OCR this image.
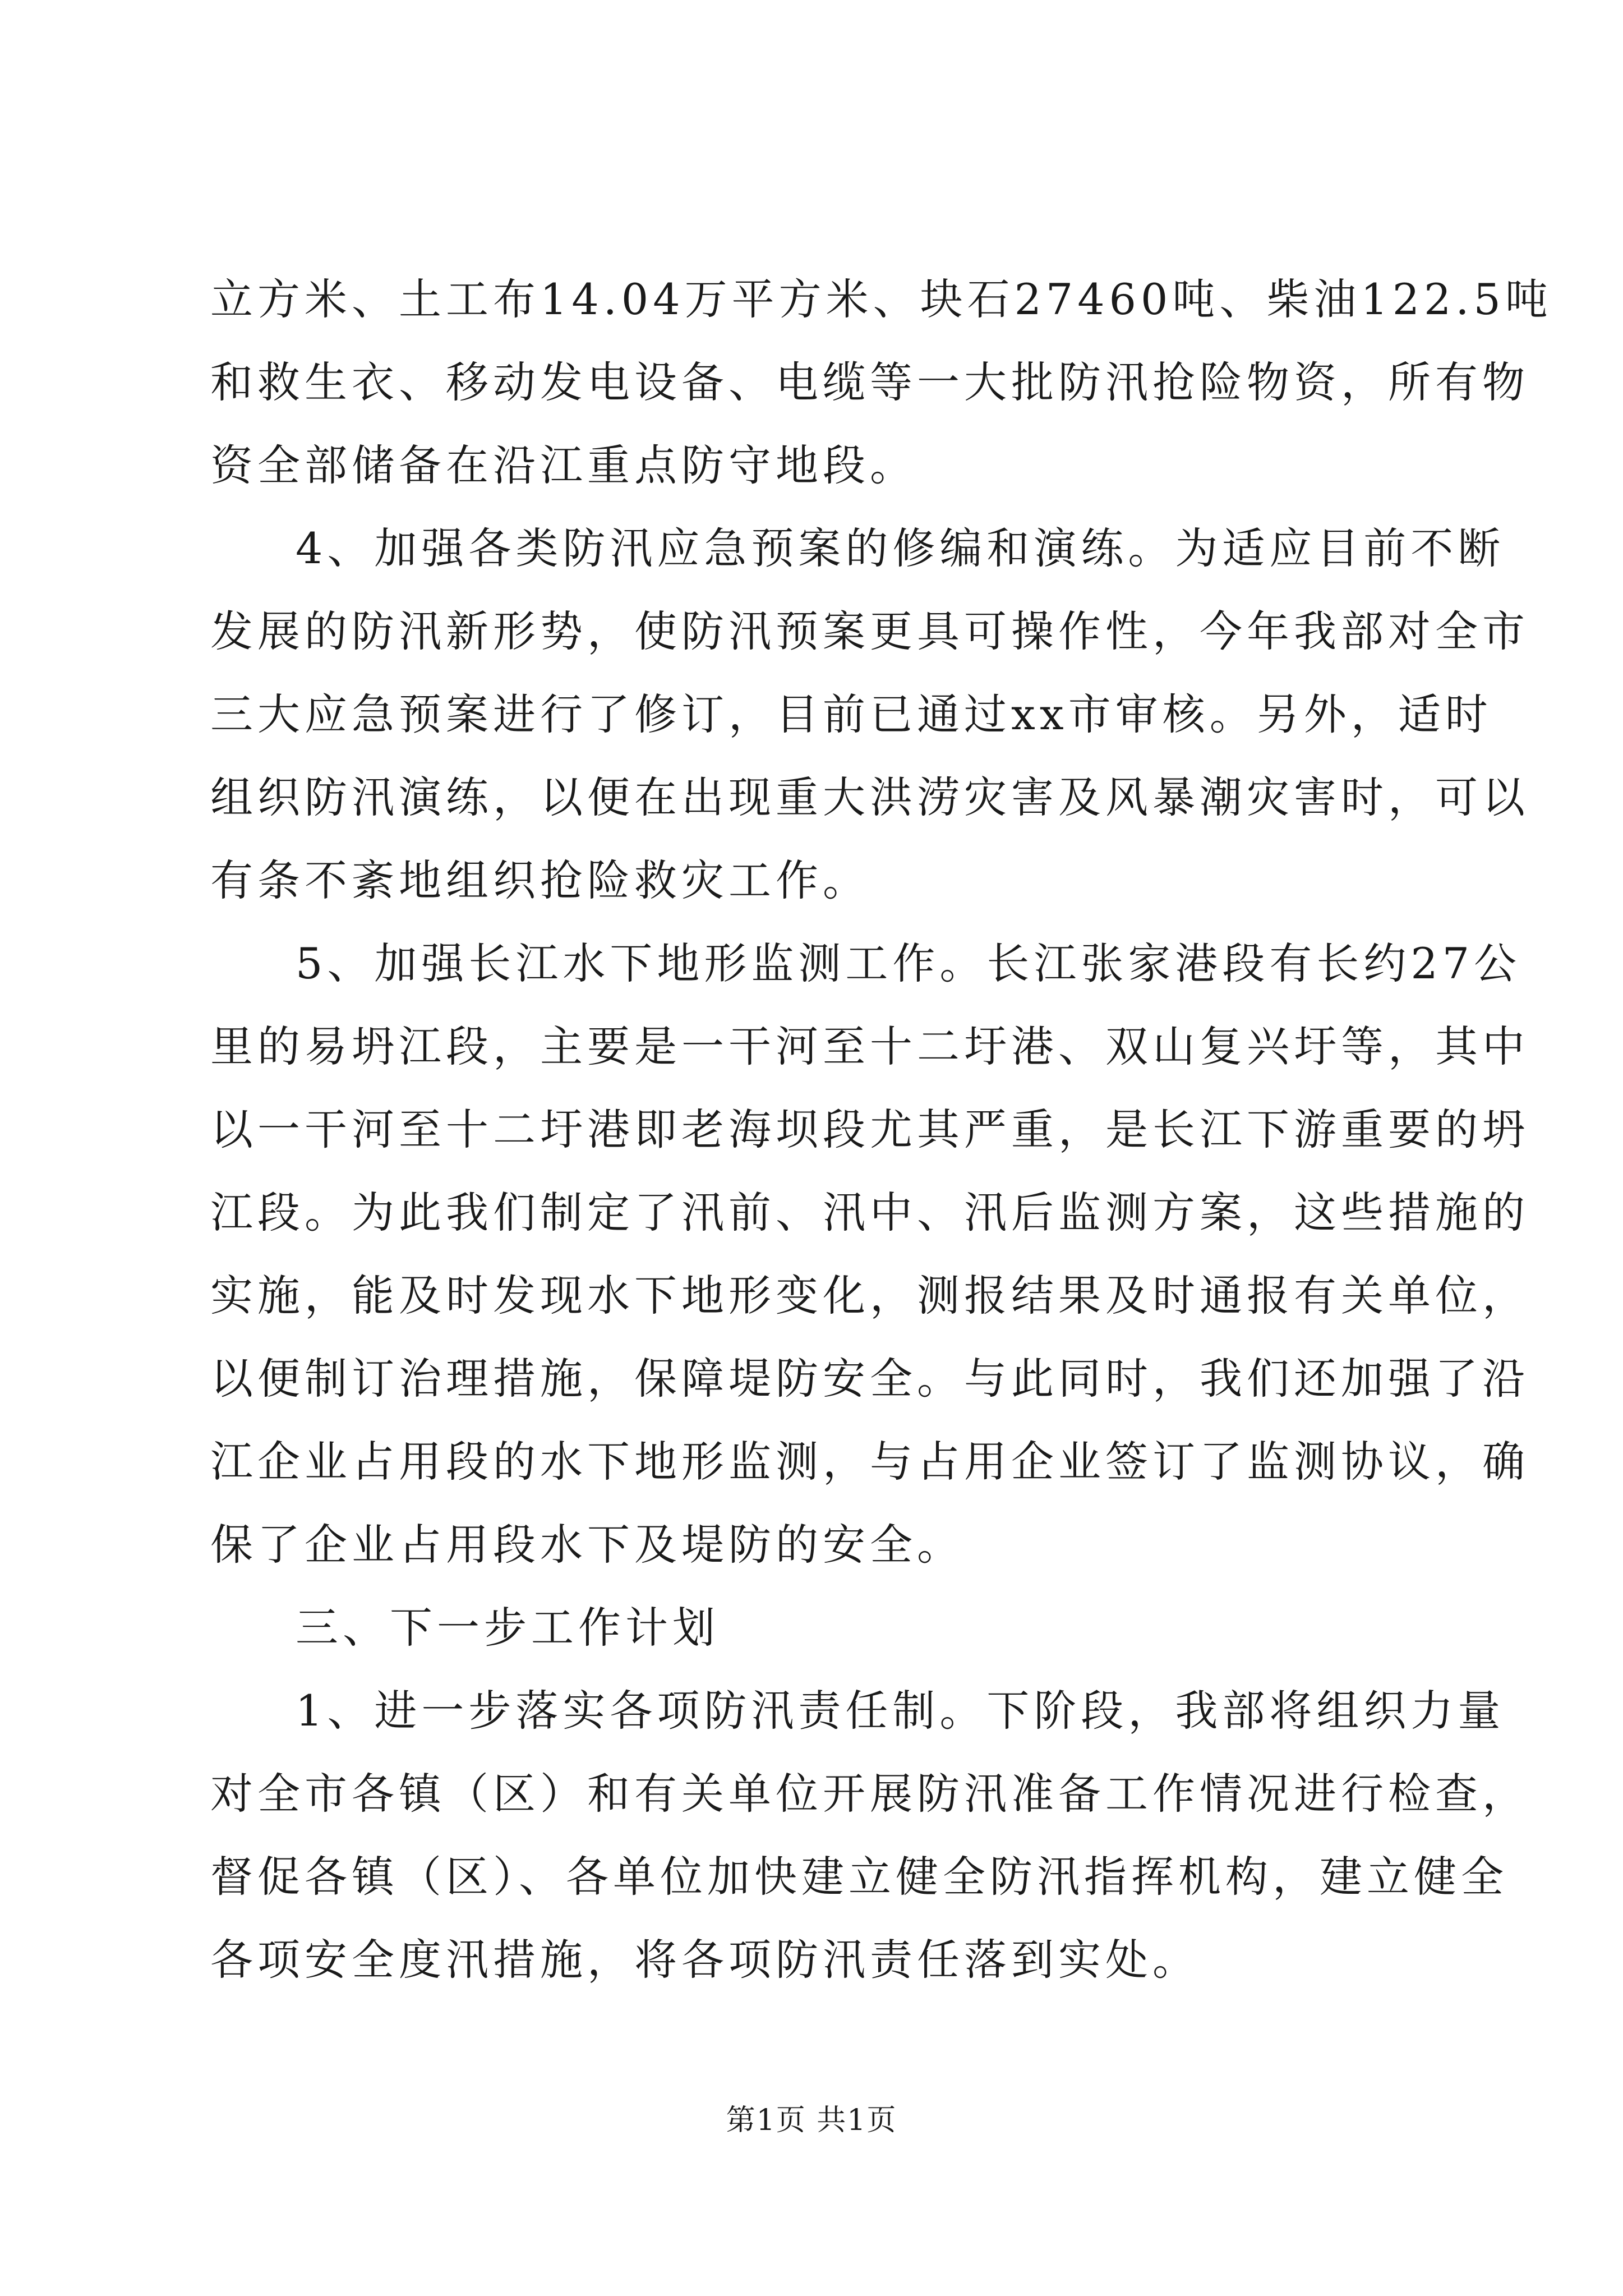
立方米、土工布14.04万平方米、块石27460吨、柴油122.5吨
和救生衣、移动发电设备、电缆等一大批防汛抢险物资，所有物
资全部储备在沿江重点防守地段。
4、加强各类防汛应急预案的修编和演练。为适应目前不断
发展的防汛新形势，使防汛预案更具可操作性，今年我部对全市
三大应急预案进行了修订，目前已通过xx市审核。另外，适时
组织防汛演练，以便在出现重大洪涝灾害及风暴潮灾害时，可以
有条不紊地组织抢险救灾工作。
5、加强长江水下地形监测工作。长江张家港段有长约27公
里的易坍江段，主要是一干河至十二圩港、双山复兴圩等，其中
以一干河至十二圩港即老海坝段尤其严重，是长江下游重要的坍
江段。为此我们制定了汛前、汛中、汛后监测方案，这些措施的
实施，能及时发现水下地形变化，测报结果及时通报有关单位，
以便制订治理措施，保障堤防安全。与此同时，我们还加强了沿
江企业占用段的水下地形监测，与占用企业签订了监测协议，确
保了企业占用段水下及堤防的安全。
三、下一步工作计划
1、进一步落实各项防汛责任制。下阶段，我部将组织力量
对全市各镇（区）和有关单位开展防汛准备工作情况进行检查，
督促各镇（区）、各单位加快建立健全防汛指挥机构，建立健全
各项安全度汛措施，将各项防汛责任落到实处。
第1页 共1页
